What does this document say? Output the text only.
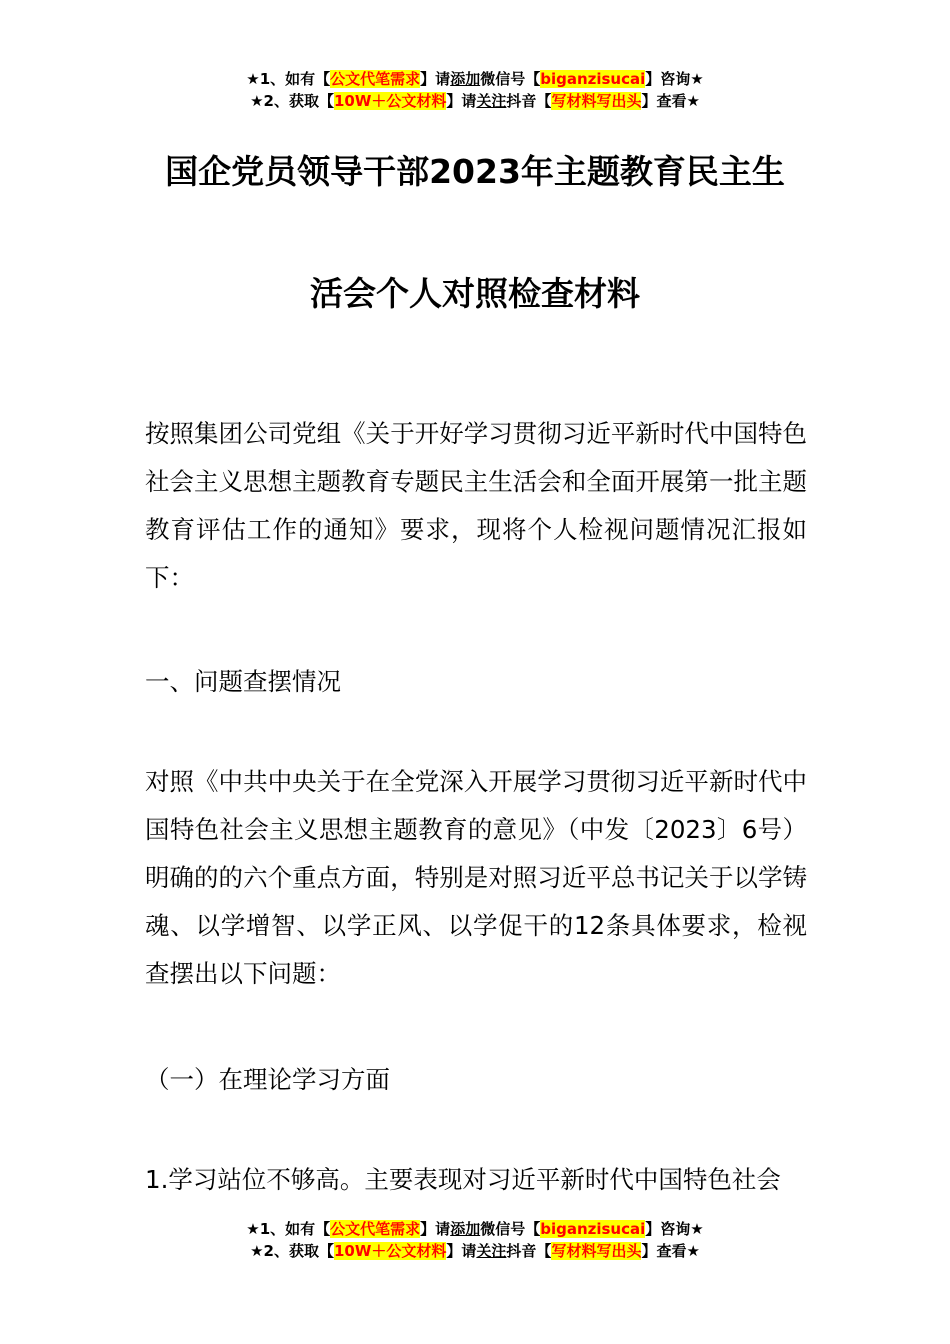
★1、如有【公文代笔需求】请添加微信号【biganzisucai】咨询★
★2、获取【10W＋公文材料】请关注抖音【写材料写出头】查看★
国企党员领导干部2023年主题教育民主生
活会个人对照检查材料
按照集团公司党组《关于开好学习贯彻习近平新时代中国特色社会主义思想主题教育专题民主生活会和全面开展第一批主题教育评估工作的通知》要求，现将个人检视问题情况汇报如下：
一、问题查摆情况
对照《中共中央关于在全党深入开展学习贯彻习近平新时代中国特色社会主义思想主题教育的意见》（中发〔2023〕6号）明确的的六个重点方面，特别是对照习近平总书记关于以学铸魂、以学增智、以学正风、以学促干的12条具体要求，检视查摆出以下问题：
（一）在理论学习方面
1.学习站位不够高。主要表现对习近平新时代中国特色社会
★1、如有【公文代笔需求】请添加微信号【biganzisucai】咨询★
★2、获取【10W＋公文材料】请关注抖音【写材料写出头】查看★
